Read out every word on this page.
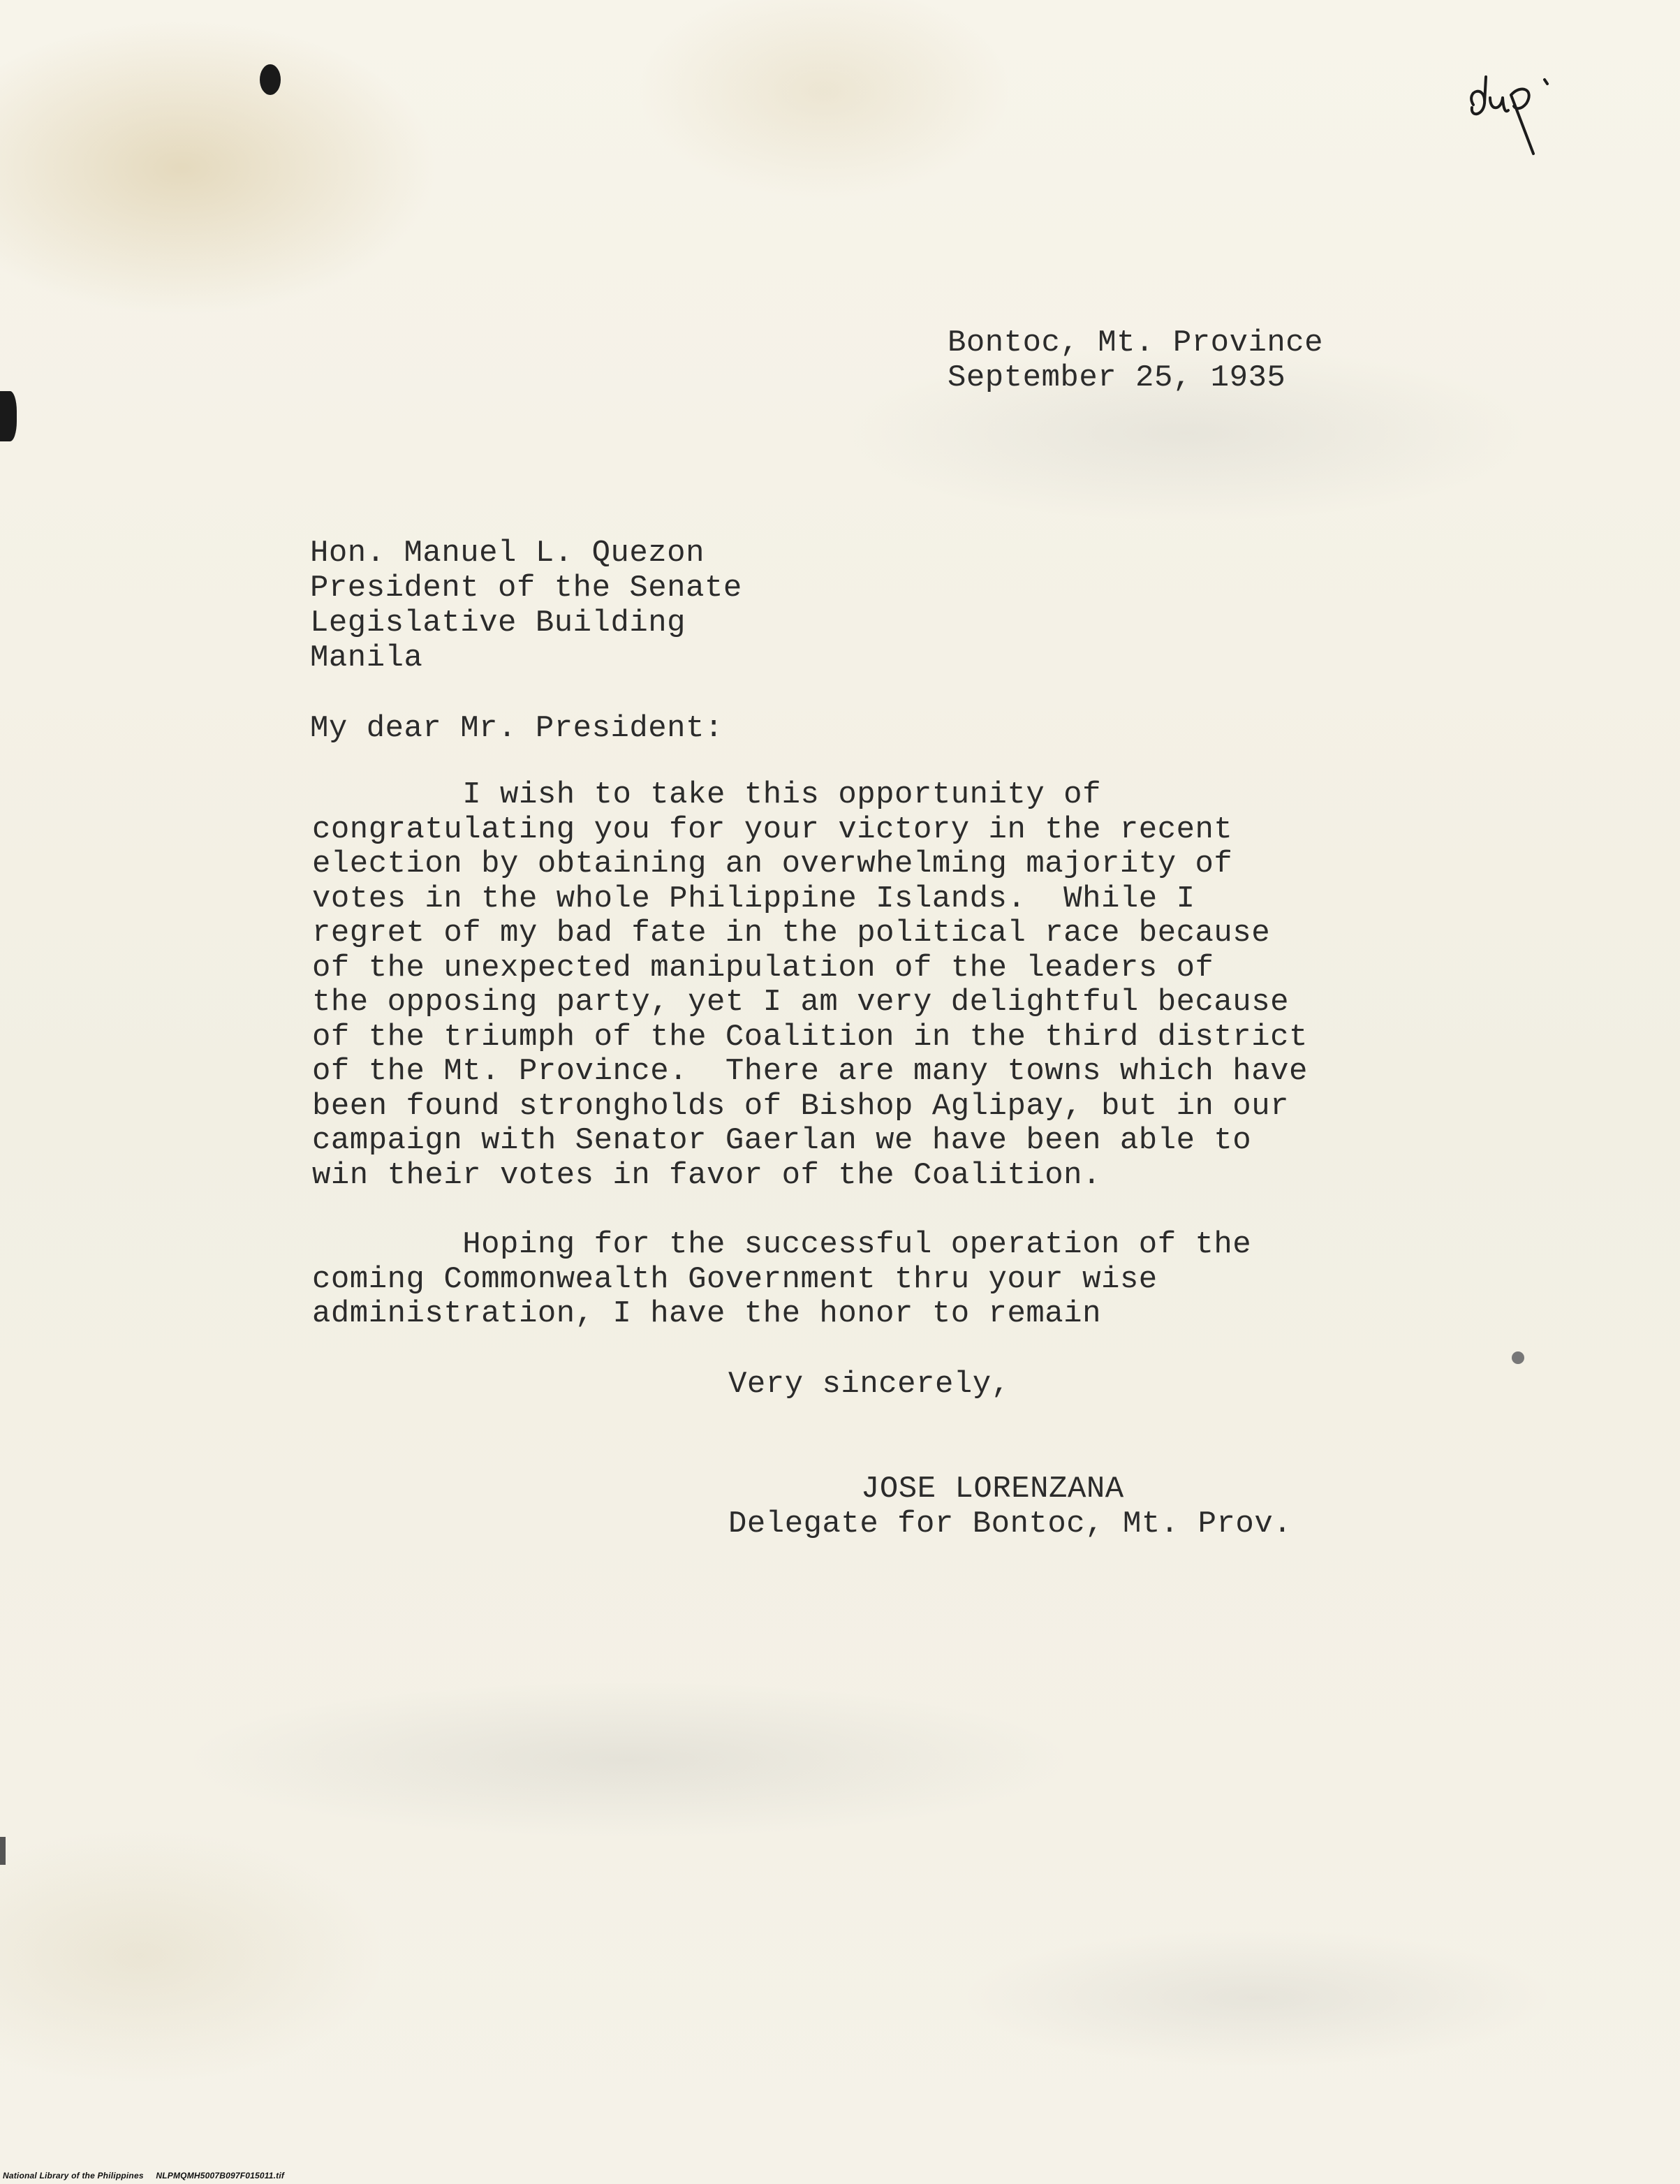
Bontoc, Mt. Province
September 25, 1935
Hon. Manuel L. Quezon
President of the Senate
Legislative Building
Manila
My dear Mr. President:
I wish to take this opportunity of
congratulating you for your victory in the recent
election by obtaining an overwhelming majority of
votes in the whole Philippine Islands.  While I
regret of my bad fate in the political race because
of the unexpected manipulation of the leaders of
the opposing party, yet I am very delightful because
of the triumph of the Coalition in the third district
of the Mt. Province.  There are many towns which have
been found strongholds of Bishop Aglipay, but in our
campaign with Senator Gaerlan we have been able to
win their votes in favor of the Coalition.
Hoping for the successful operation of the
coming Commonwealth Government thru your wise
administration, I have the honor to remain
Very sincerely,
JOSE LORENZANA
Delegate for Bontoc, Mt. Prov.
National Library of the Philippines NLPMQMH5007B097F015011.tif
